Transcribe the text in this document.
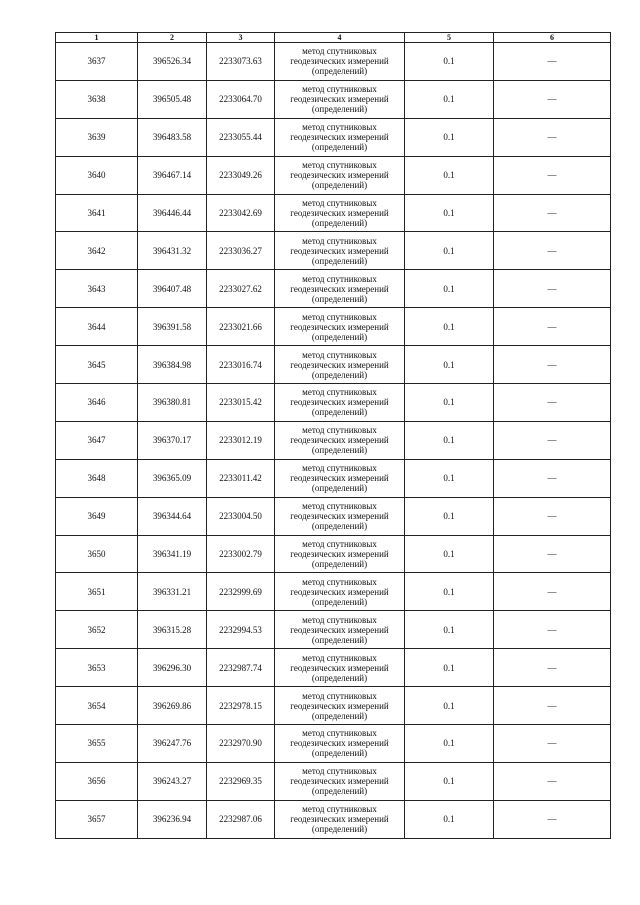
1	2	3	4	5	6
3637	396526.34	2233073.63	метод спутниковых
геодезических измерений
(определений)	0.1	—
3638	396505.48	2233064.70	метод спутниковых
геодезических измерений
(определений)	0.1	—
3639	396483.58	2233055.44	метод спутниковых
геодезических измерений
(определений)	0.1	—
3640	396467.14	2233049.26	метод спутниковых
геодезических измерений
(определений)	0.1	—
3641	396446.44	2233042.69	метод спутниковых
геодезических измерений
(определений)	0.1	—
3642	396431.32	2233036.27	метод спутниковых
геодезических измерений
(определений)	0.1	—
3643	396407.48	2233027.62	метод спутниковых
геодезических измерений
(определений)	0.1	—
3644	396391.58	2233021.66	метод спутниковых
геодезических измерений
(определений)	0.1	—
3645	396384.98	2233016.74	метод спутниковых
геодезических измерений
(определений)	0.1	—
3646	396380.81	2233015.42	метод спутниковых
геодезических измерений
(определений)	0.1	—
3647	396370.17	2233012.19	метод спутниковых
геодезических измерений
(определений)	0.1	—
3648	396365.09	2233011.42	метод спутниковых
геодезических измерений
(определений)	0.1	—
3649	396344.64	2233004.50	метод спутниковых
геодезических измерений
(определений)	0.1	—
3650	396341.19	2233002.79	метод спутниковых
геодезических измерений
(определений)	0.1	—
3651	396331.21	2232999.69	метод спутниковых
геодезических измерений
(определений)	0.1	—
3652	396315.28	2232994.53	метод спутниковых
геодезических измерений
(определений)	0.1	—
3653	396296.30	2232987.74	метод спутниковых
геодезических измерений
(определений)	0.1	—
3654	396269.86	2232978.15	метод спутниковых
геодезических измерений
(определений)	0.1	—
3655	396247.76	2232970.90	метод спутниковых
геодезических измерений
(определений)	0.1	—
3656	396243.27	2232969.35	метод спутниковых
геодезических измерений
(определений)	0.1	—
3657	396236.94	2232987.06	метод спутниковых
геодезических измерений
(определений)	0.1	—
